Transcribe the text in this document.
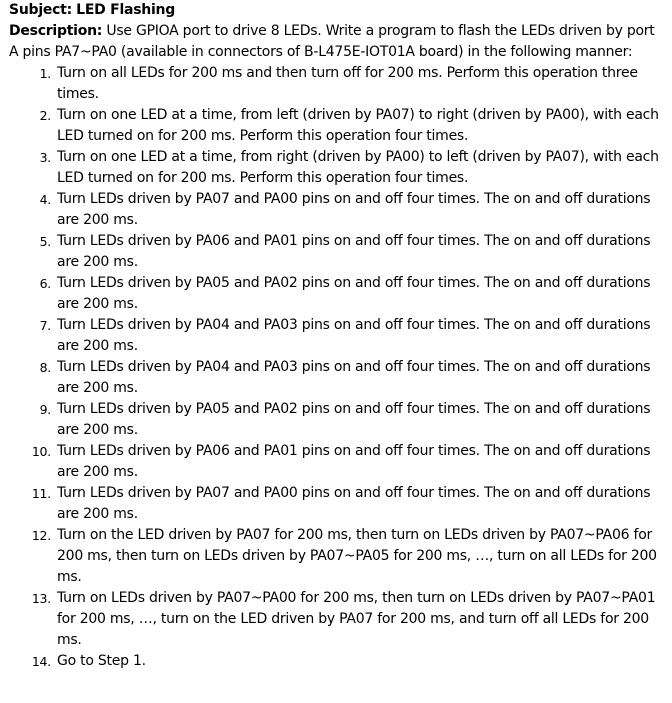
Subject: LED Flashing

Description: Use GPIOA port to drive 8 LEDs. Write a program to flash the LEDs driven by port A pins PA7~PA0 (available in connectors of B-L475E-IOT01A board) in the following manner:

1. Turn on all LEDs for 200 ms and then turn off for 200 ms. Perform this operation three times.
2. Turn on one LED at a time, from left (driven by PA07) to right (driven by PA00), with each LED turned on for 200 ms. Perform this operation four times.
3. Turn on one LED at a time, from right (driven by PA00) to left (driven by PA07), with each LED turned on for 200 ms. Perform this operation four times.
4. Turn LEDs driven by PA07 and PA00 pins on and off four times. The on and off durations are 200 ms.
5. Turn LEDs driven by PA06 and PA01 pins on and off four times. The on and off durations are 200 ms.
6. Turn LEDs driven by PA05 and PA02 pins on and off four times. The on and off durations are 200 ms.
7. Turn LEDs driven by PA04 and PA03 pins on and off four times. The on and off durations are 200 ms.
8. Turn LEDs driven by PA04 and PA03 pins on and off four times. The on and off durations are 200 ms.
9. Turn LEDs driven by PA05 and PA02 pins on and off four times. The on and off durations are 200 ms.
10. Turn LEDs driven by PA06 and PA01 pins on and off four times. The on and off durations are 200 ms.
11. Turn LEDs driven by PA07 and PA00 pins on and off four times. The on and off durations are 200 ms.
12. Turn on the LED driven by PA07 for 200 ms, then turn on LEDs driven by PA07~PA06 for 200 ms, then turn on LEDs driven by PA07~PA05 for 200 ms, …, turn on all LEDs for 200 ms.
13. Turn on LEDs driven by PA07~PA00 for 200 ms, then turn on LEDs driven by PA07~PA01 for 200 ms, …, turn on the LED driven by PA07 for 200 ms, and turn off all LEDs for 200 ms.
14. Go to Step 1.
